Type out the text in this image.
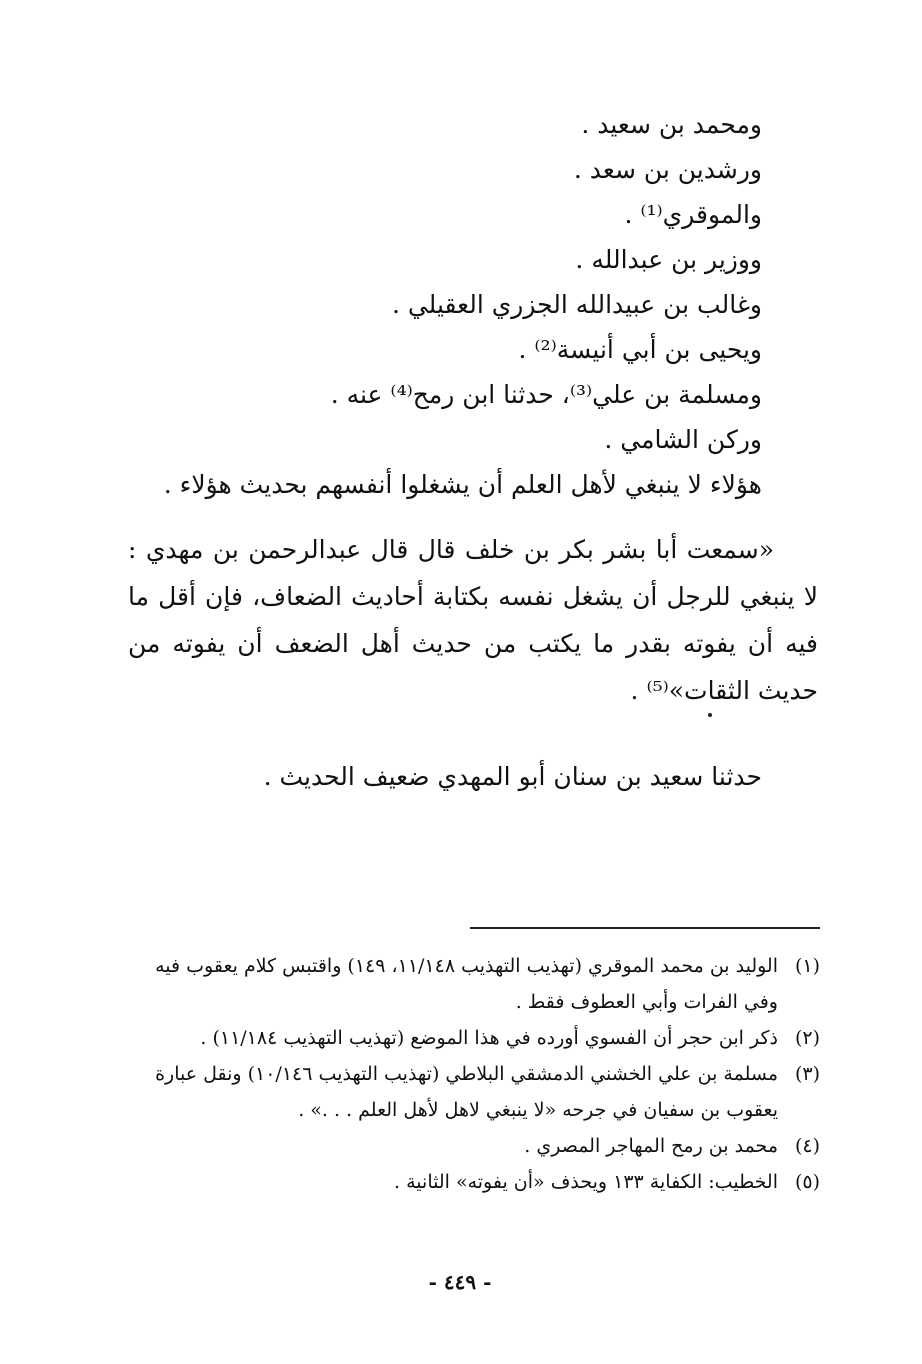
ومحمد بن سعيد .
ورشدين بن سعد .
والموقري⁽¹⁾ .
ووزير بن عبدالله .
وغالب بن عبيدالله الجزري العقيلي .
ويحيى بن أبي أنيسة⁽²⁾ .
ومسلمة بن علي⁽³⁾، حدثنا ابن رمح⁽⁴⁾ عنه .
وركن الشامي .
هؤلاء لا ينبغي لأهل العلم أن يشغلوا أنفسهم بحديث هؤلاء .
«سمعت أبا بشر بكر بن خلف قال قال عبدالرحمن بن مهدي : لا ينبغي للرجل أن يشغل نفسه بكتابة أحاديث الضعاف، فإن أقل ما فيه أن يفوته بقدر ما يكتب من حديث أهل الضعف أن يفوته من حديث الثقات»⁽⁵⁾ .
حدثنا سعيد بن سنان أبو المهدي ضعيف الحديث .
(١)
الوليد بن محمد الموقري (تهذيب التهذيب ١١/١٤٨، ١٤٩) واقتبس كلام يعقوب فيه وفي الفرات وأبي العطوف فقط .
(٢)
ذكر ابن حجر أن الفسوي أورده في هذا الموضع (تهذيب التهذيب ١١/١٨٤) .
(٣)
مسلمة بن علي الخشني الدمشقي البلاطي (تهذيب التهذيب ١٠/١٤٦) ونقل عبارة يعقوب بن سفيان في جرحه «لا ينبغي لاهل لأهل العلم . . .» .
(٤)
محمد بن رمح المهاجر المصري .
(٥)
الخطيب: الكفاية ١٣٣ ويحذف «أن يفوته» الثانية .
- ٤٤٩ -
